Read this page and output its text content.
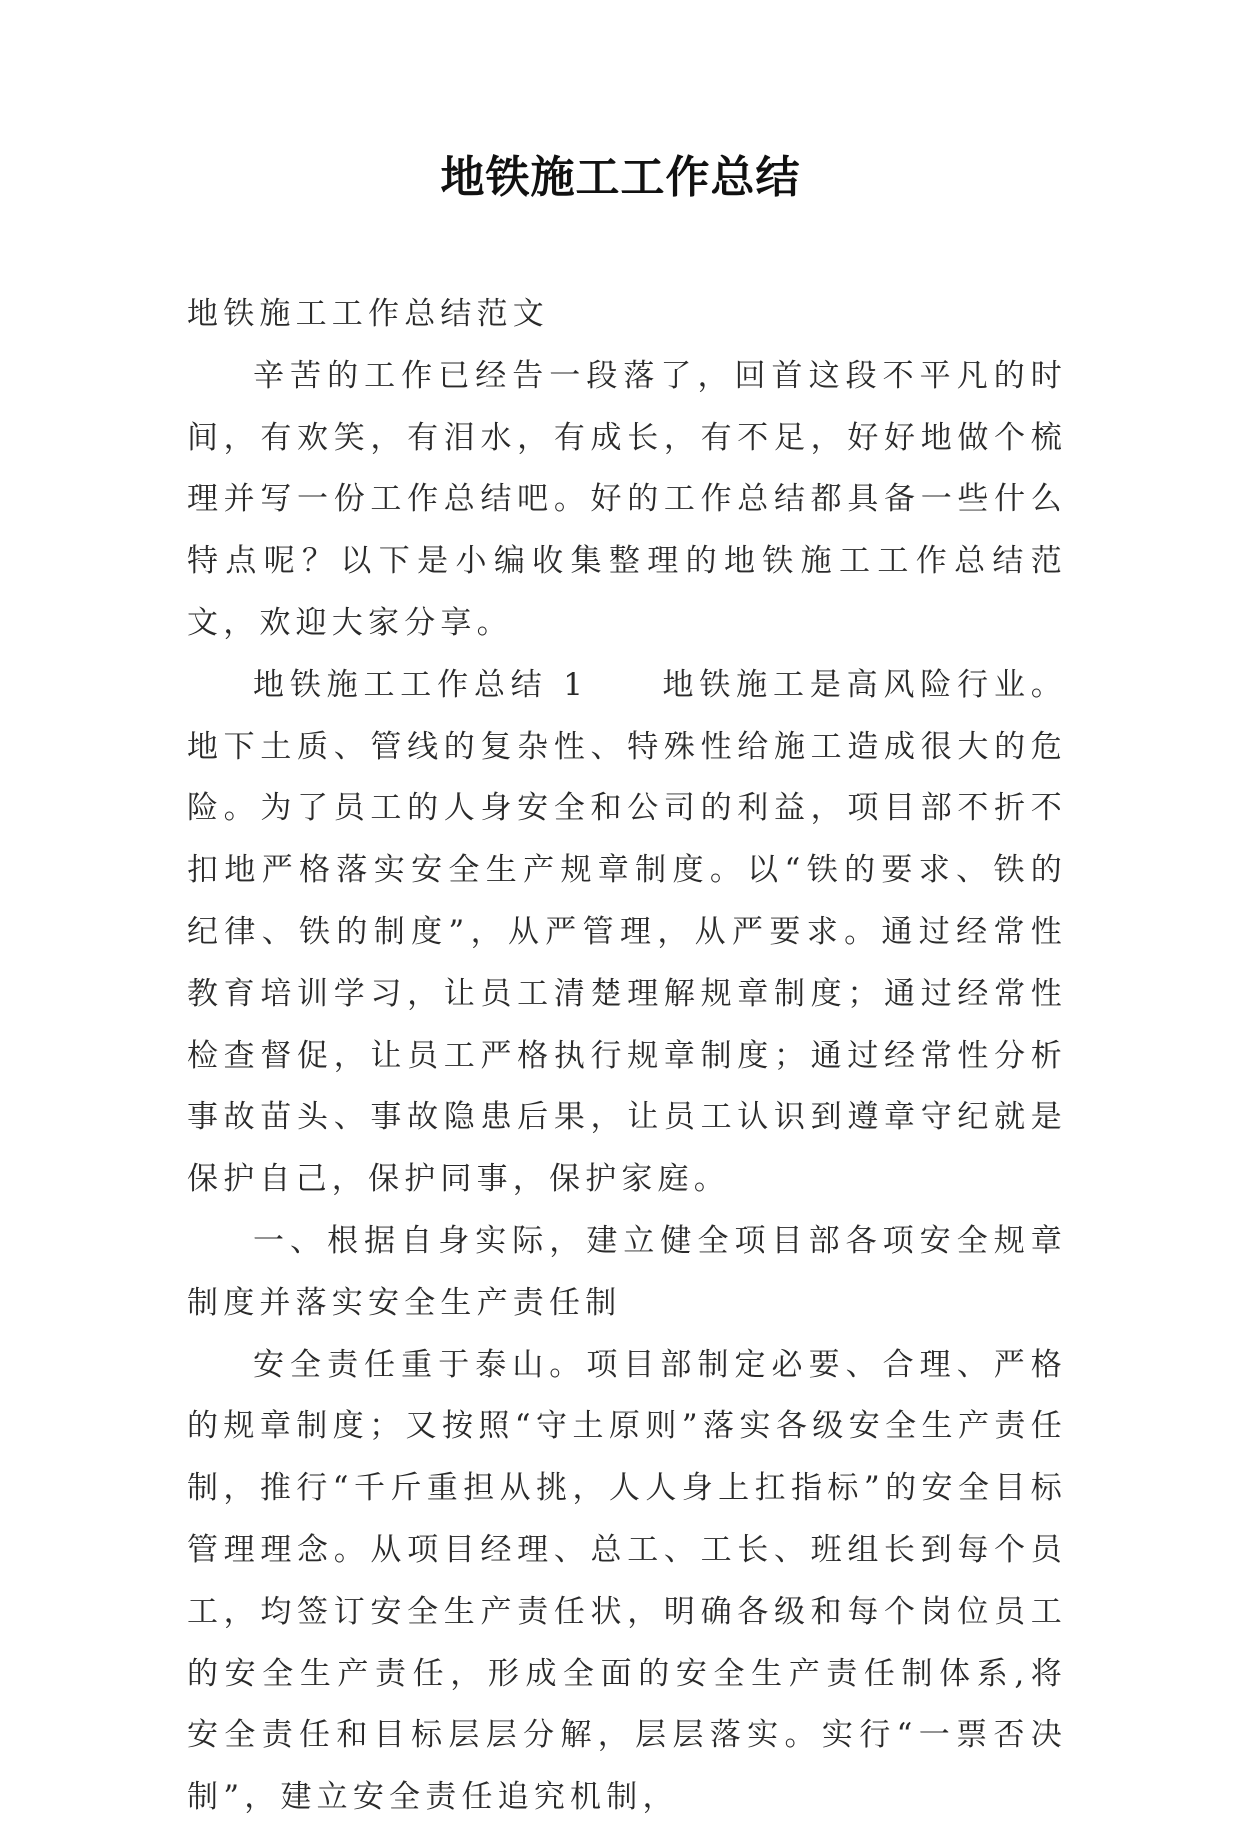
地铁施工工作总结

地铁施工工作总结范文

辛苦的工作已经告一段落了，回首这段不平凡的时间，有欢笑，有泪水，有成长，有不足，好好地做个梳理并写一份工作总结吧。好的工作总结都具备一些什么特点呢？以下是小编收集整理的地铁施工工作总结范文，欢迎大家分享。

地铁施工工作总结 1　　地铁施工是高风险行业。地下土质、管线的复杂性、特殊性给施工造成很大的危险。为了员工的人身安全和公司的利益，项目部不折不扣地严格落实安全生产规章制度。以“铁的要求、铁的纪律、铁的制度”，从严管理，从严要求。通过经常性教育培训学习，让员工清楚理解规章制度；通过经常性检查督促，让员工严格执行规章制度；通过经常性分析事故苗头、事故隐患后果，让员工认识到遵章守纪就是保护自己，保护同事，保护家庭。

一、根据自身实际，建立健全项目部各项安全规章制度并落实安全生产责任制

安全责任重于泰山。项目部制定必要、合理、严格的规章制度；又按照“守土原则”落实各级安全生产责任制，推行“千斤重担从挑，人人身上扛指标”的安全目标管理理念。从项目经理、总工、工长、班组长到每个员工，均签订安全生产责任状，明确各级和每个岗位员工的安全生产责任，形成全面的安全生产责任制体系,将安全责任和目标层层分解，层层落实。实行“一票否决制”，建立安全责任追究机制，
